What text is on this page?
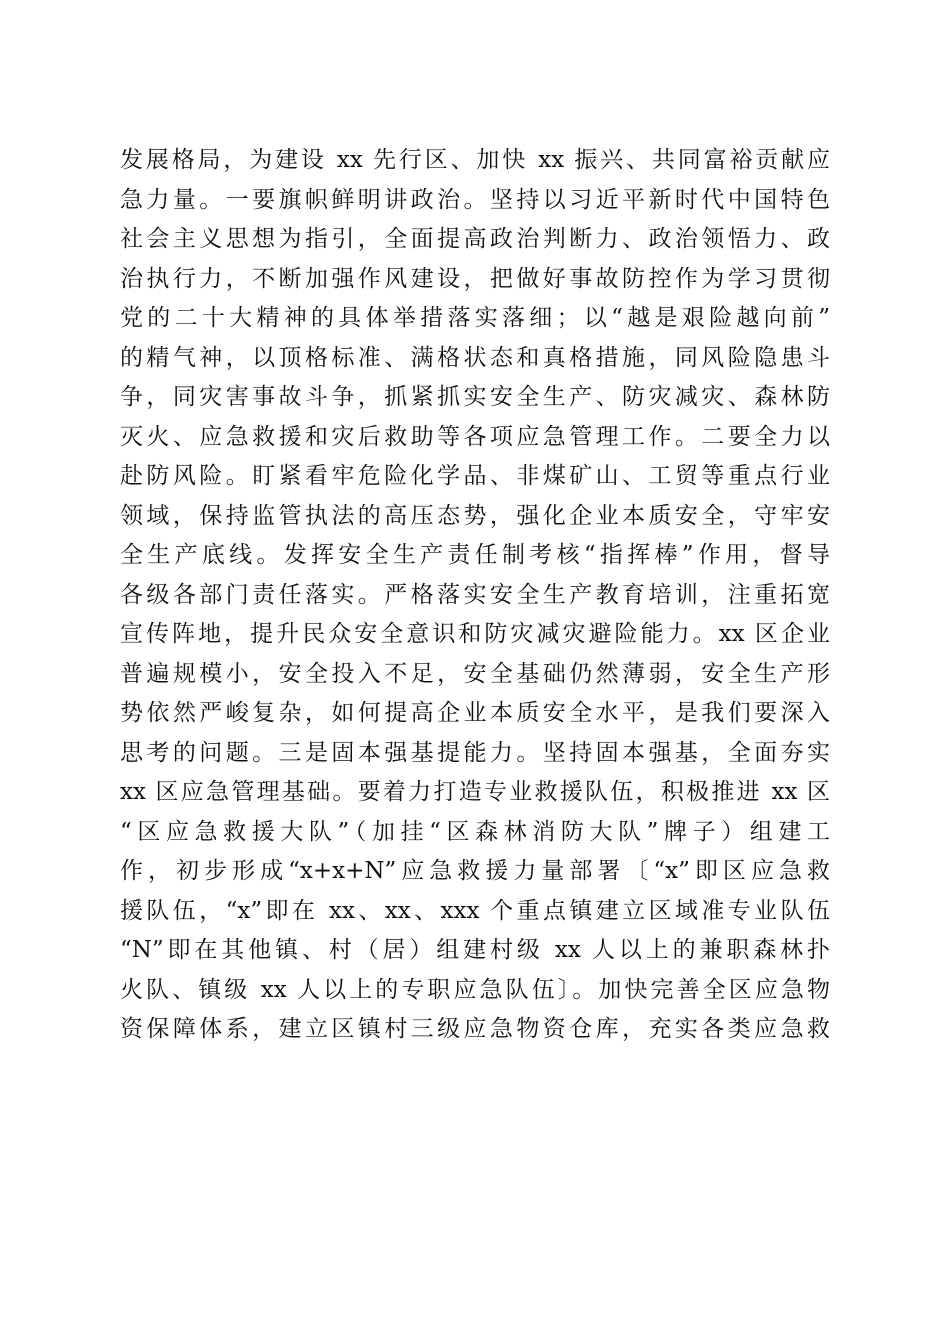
发展格局，为建设 xx 先行区、加快 xx 振兴、共同富裕贡献应
急力量。一要旗帜鲜明讲政治。坚持以习近平新时代中国特色
社会主义思想为指引，全面提高政治判断力、政治领悟力、政
治执行力，不断加强作风建设，把做好事故防控作为学习贯彻
党的二十大精神的具体举措落实落细；以“越是艰险越向前”
的精气神，以顶格标准、满格状态和真格措施，同风险隐患斗
争，同灾害事故斗争，抓紧抓实安全生产、防灾减灾、森林防
灭火、应急救援和灾后救助等各项应急管理工作。二要全力以
赴防风险。盯紧看牢危险化学品、非煤矿山、工贸等重点行业
领域，保持监管执法的高压态势，强化企业本质安全，守牢安
全生产底线。发挥安全生产责任制考核“指挥棒”作用，督导
各级各部门责任落实。严格落实安全生产教育培训，注重拓宽
宣传阵地，提升民众安全意识和防灾减灾避险能力。xx 区企业
普遍规模小，安全投入不足，安全基础仍然薄弱，安全生产形
势依然严峻复杂，如何提高企业本质安全水平，是我们要深入
思考的问题。三是固本强基提能力。坚持固本强基，全面夯实
xx 区应急管理基础。要着力打造专业救援队伍，积极推进 xx 区
“区应急救援大队”（加挂“区森林消防大队”牌子）组建工
作，初步形成“x+x+N”应急救援力量部署〔“x”即区应急救
援队伍，“x”即在 xx、xx、xxx 个重点镇建立区域准专业队伍
“N”即在其他镇、村（居）组建村级 xx 人以上的兼职森林扑
火队、镇级 xx 人以上的专职应急队伍〕。加快完善全区应急物
资保障体系，建立区镇村三级应急物资仓库，充实各类应急救
